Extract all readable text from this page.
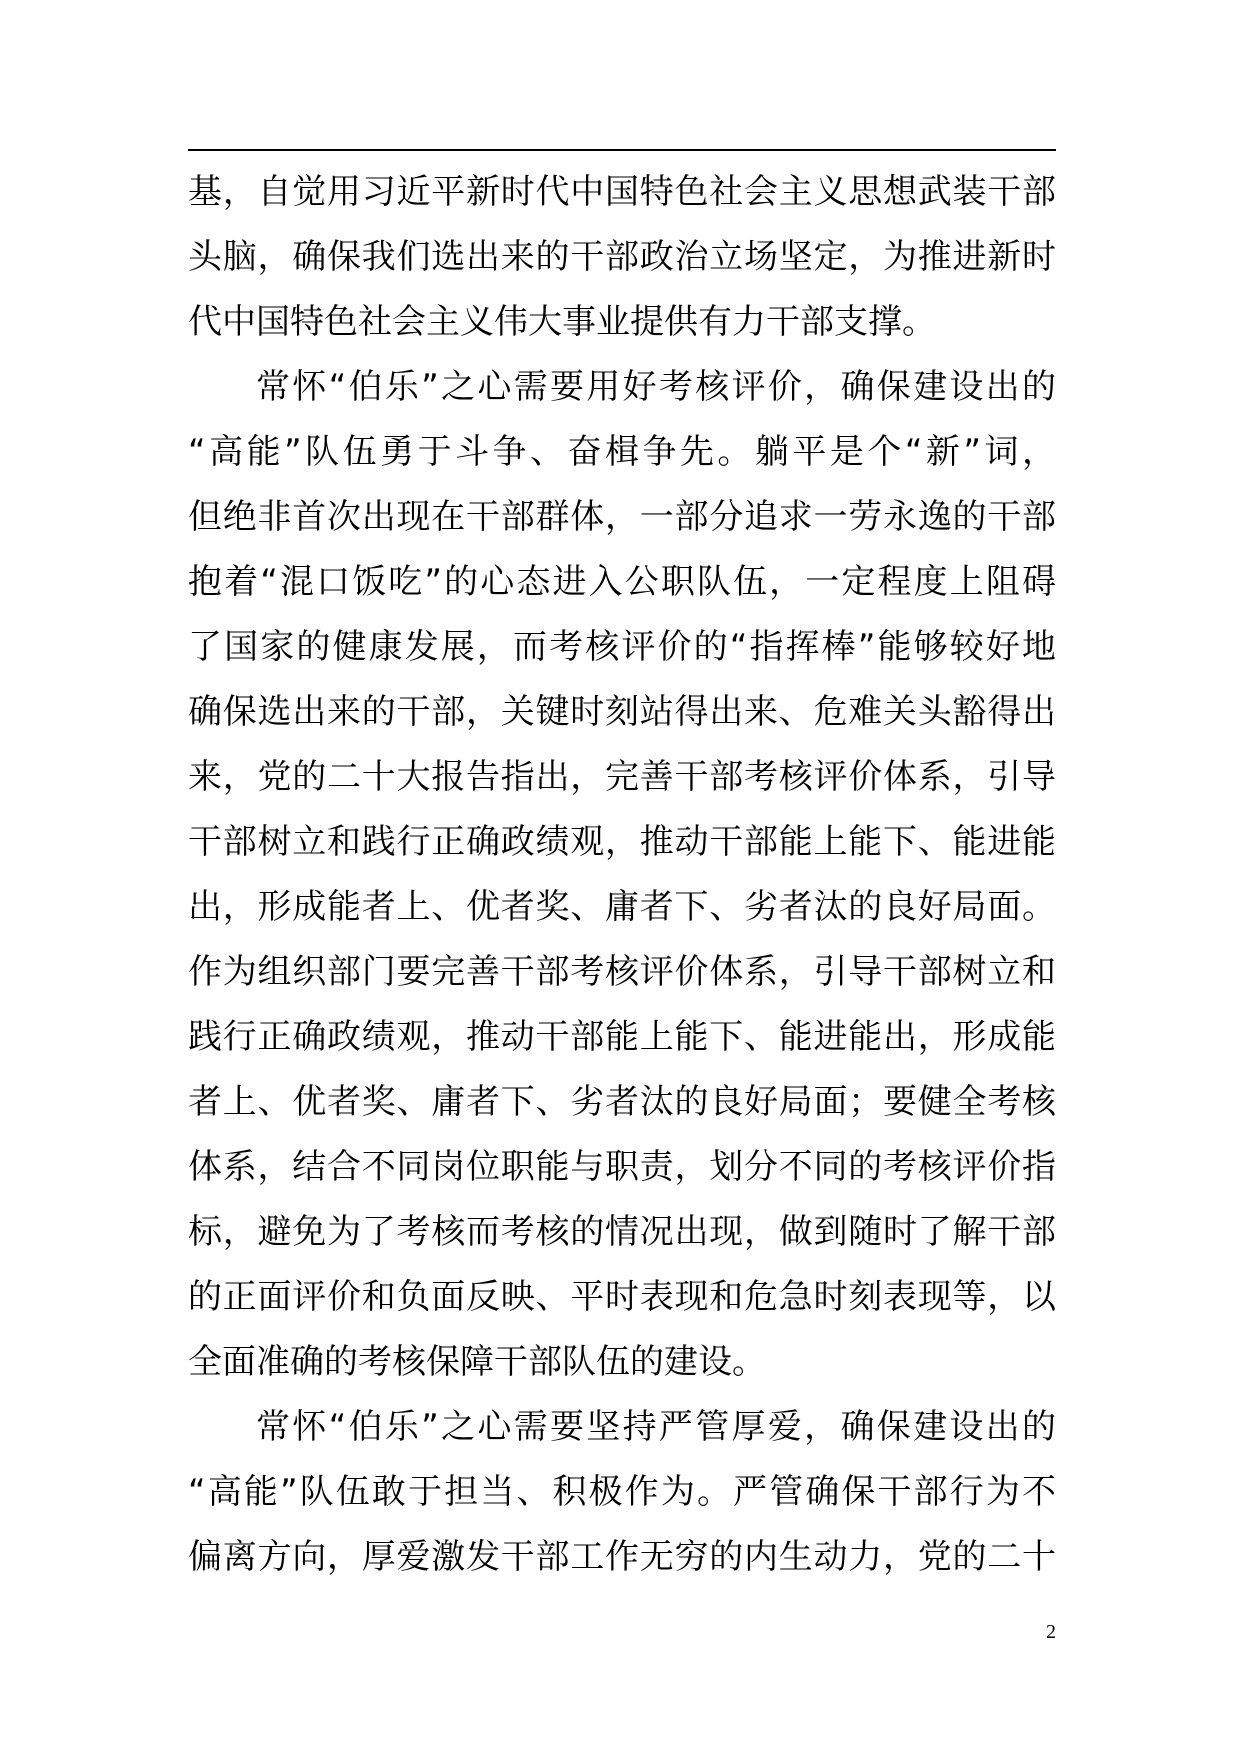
基，自觉用习近平新时代中国特色社会主义思想武装干部
头脑，确保我们选出来的干部政治立场坚定，为推进新时
代中国特色社会主义伟大事业提供有力干部支撑。
常怀“伯乐”之心需要用好考核评价，确保建设出的
“高能”队伍勇于斗争、奋楫争先。躺平是个“新”词，
但绝非首次出现在干部群体，一部分追求一劳永逸的干部
抱着“混口饭吃”的心态进入公职队伍，一定程度上阻碍
了国家的健康发展，而考核评价的“指挥棒”能够较好地
确保选出来的干部，关键时刻站得出来、危难关头豁得出
来，党的二十大报告指出，完善干部考核评价体系，引导
干部树立和践行正确政绩观，推动干部能上能下、能进能
出，形成能者上、优者奖、庸者下、劣者汰的良好局面。
作为组织部门要完善干部考核评价体系，引导干部树立和
践行正确政绩观，推动干部能上能下、能进能出，形成能
者上、优者奖、庸者下、劣者汰的良好局面；要健全考核
体系，结合不同岗位职能与职责，划分不同的考核评价指
标，避免为了考核而考核的情况出现，做到随时了解干部
的正面评价和负面反映、平时表现和危急时刻表现等，以
全面准确的考核保障干部队伍的建设。
常怀“伯乐”之心需要坚持严管厚爱，确保建设出的
“高能”队伍敢于担当、积极作为。严管确保干部行为不
偏离方向，厚爱激发干部工作无穷的内生动力，党的二十
2
